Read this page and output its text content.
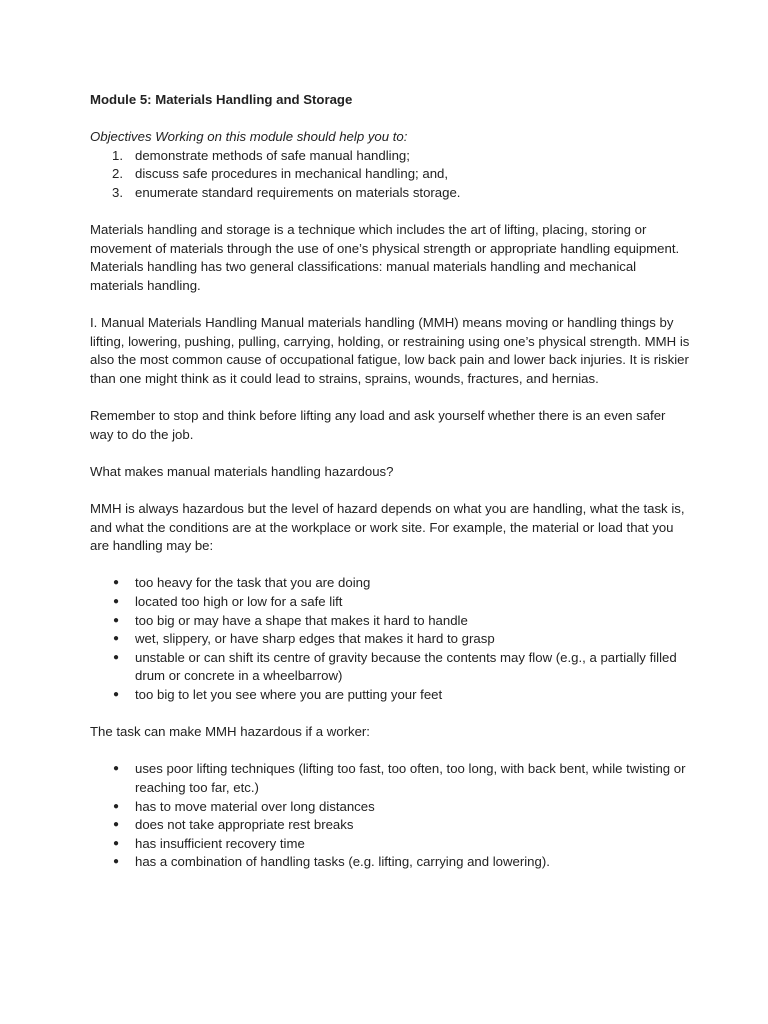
Module 5: Materials Handling and Storage

Objectives Working on this module should help you to:

1. demonstrate methods of safe manual handling;
2. discuss safe procedures in mechanical handling; and,
3. enumerate standard requirements on materials storage.

Materials handling and storage is a technique which includes the art of lifting, placing, storing or movement of materials through the use of one’s physical strength or appropriate handling equipment. Materials handling has two general classifications: manual materials handling and mechanical materials handling.

I. Manual Materials Handling Manual materials handling (MMH) means moving or handling things by lifting, lowering, pushing, pulling, carrying, holding, or restraining using one’s physical strength. MMH is also the most common cause of occupational fatigue, low back pain and lower back injuries. It is riskier than one might think as it could lead to strains, sprains, wounds, fractures, and hernias.

Remember to stop and think before lifting any load and ask yourself whether there is an even safer way to do the job.

What makes manual materials handling hazardous?

MMH is always hazardous but the level of hazard depends on what you are handling, what the task is, and what the conditions are at the workplace or work site. For example, the material or load that you are handling may be:

● too heavy for the task that you are doing
● located too high or low for a safe lift
● too big or may have a shape that makes it hard to handle
● wet, slippery, or have sharp edges that makes it hard to grasp
● unstable or can shift its centre of gravity because the contents may flow (e.g., a partially filled drum or concrete in a wheelbarrow)
● too big to let you see where you are putting your feet

The task can make MMH hazardous if a worker:

● uses poor lifting techniques (lifting too fast, too often, too long, with back bent, while twisting or reaching too far, etc.)
● has to move material over long distances
● does not take appropriate rest breaks
● has insufficient recovery time
● has a combination of handling tasks (e.g. lifting, carrying and lowering).
